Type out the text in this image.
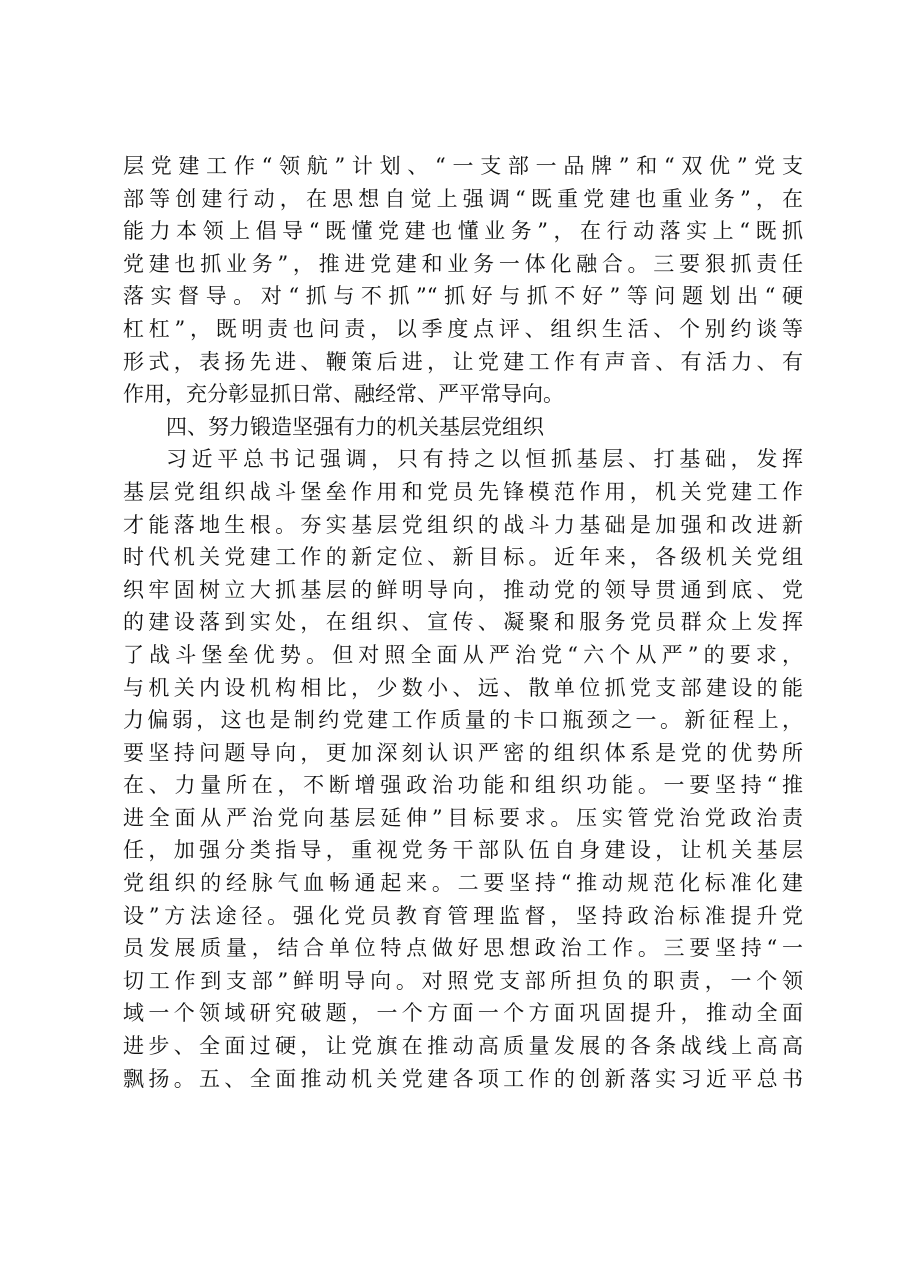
层党建工作“领航”计划、“一支部一品牌”和“双优”党支
部等创建行动，在思想自觉上强调“既重党建也重业务”，在
能力本领上倡导“既懂党建也懂业务”，在行动落实上“既抓
党建也抓业务”，推进党建和业务一体化融合。三要狠抓责任
落实督导。对“抓与不抓”“抓好与抓不好”等问题划出“硬
杠杠”，既明责也问责，以季度点评、组织生活、个别约谈等
形式，表扬先进、鞭策后进，让党建工作有声音、有活力、有
作用，充分彰显抓日常、融经常、严平常导向。
四、努力锻造坚强有力的机关基层党组织
习近平总书记强调，只有持之以恒抓基层、打基础，发挥
基层党组织战斗堡垒作用和党员先锋模范作用，机关党建工作
才能落地生根。夯实基层党组织的战斗力基础是加强和改进新
时代机关党建工作的新定位、新目标。近年来，各级机关党组
织牢固树立大抓基层的鲜明导向，推动党的领导贯通到底、党
的建设落到实处，在组织、宣传、凝聚和服务党员群众上发挥
了战斗堡垒优势。但对照全面从严治党“六个从严”的要求，
与机关内设机构相比，少数小、远、散单位抓党支部建设的能
力偏弱，这也是制约党建工作质量的卡口瓶颈之一。新征程上，
要坚持问题导向，更加深刻认识严密的组织体系是党的优势所
在、力量所在，不断增强政治功能和组织功能。一要坚持“推
进全面从严治党向基层延伸”目标要求。压实管党治党政治责
任，加强分类指导，重视党务干部队伍自身建设，让机关基层
党组织的经脉气血畅通起来。二要坚持“推动规范化标准化建
设”方法途径。强化党员教育管理监督，坚持政治标准提升党
员发展质量，结合单位特点做好思想政治工作。三要坚持“一
切工作到支部”鲜明导向。对照党支部所担负的职责，一个领
域一个领域研究破题，一个方面一个方面巩固提升，推动全面
进步、全面过硬，让党旗在推动高质量发展的各条战线上高高
飘扬。五、全面推动机关党建各项工作的创新落实习近平总书
